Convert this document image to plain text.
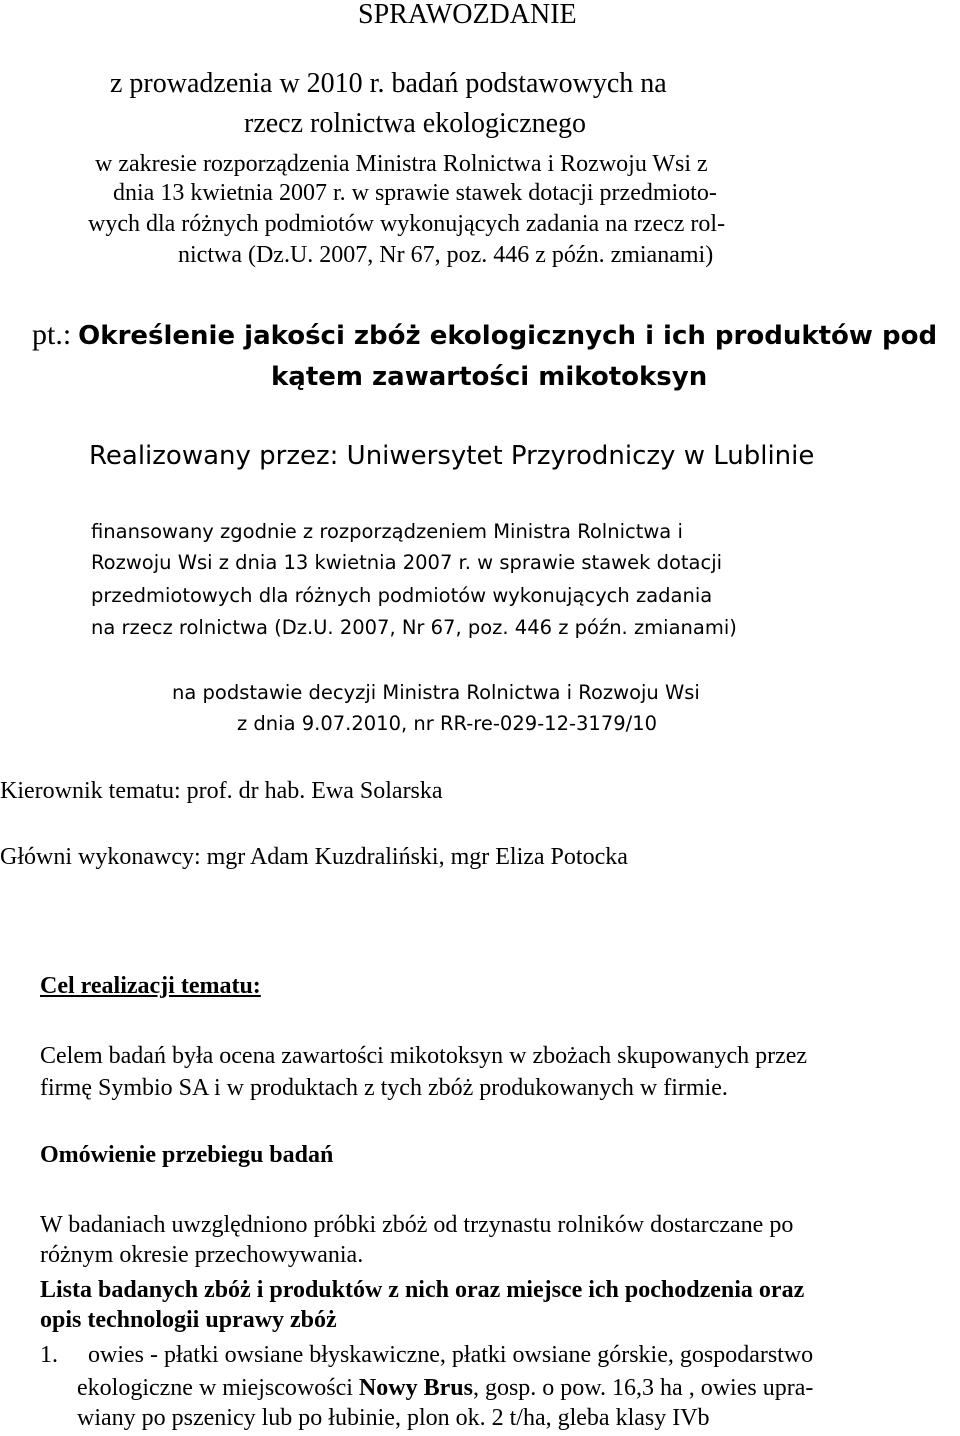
SPRAWOZDANIE
z prowadzenia w 2010 r. badań podstawowych na
rzecz rolnictwa ekologicznego
w zakresie rozporządzenia Ministra Rolnictwa i Rozwoju Wsi z
dnia 13 kwietnia 2007 r. w sprawie stawek dotacji przedmioto-
wych dla różnych podmiotów wykonujących zadania na rzecz rol-
nictwa (Dz.U. 2007, Nr 67, poz. 446 z późn. zmianami)
pt.: Określenie jakości zbóż ekologicznych i ich produktów pod
kątem zawartości mikotoksyn
Realizowany przez: Uniwersytet Przyrodniczy w Lublinie
finansowany zgodnie z rozporządzeniem Ministra Rolnictwa i
Rozwoju Wsi z dnia 13 kwietnia 2007 r. w sprawie stawek dotacji
przedmiotowych dla różnych podmiotów wykonujących zadania
na rzecz rolnictwa (Dz.U. 2007, Nr 67, poz. 446 z późn. zmianami)
na podstawie decyzji Ministra Rolnictwa i Rozwoju Wsi
z dnia 9.07.2010, nr RR-re-029-12-3179/10
Kierownik tematu: prof. dr hab. Ewa Solarska
Główni wykonawcy: mgr Adam Kuzdraliński, mgr Eliza Potocka
Cel realizacji tematu:
Celem badań była ocena zawartości mikotoksyn w zbożach skupowanych przez
firmę Symbio SA i w produktach z tych zbóż produkowanych w firmie.
Omówienie przebiegu badań
W badaniach uwzględniono próbki zbóż od trzynastu rolników dostarczane po
różnym okresie przechowywania.
Lista badanych zbóż i produktów z nich oraz miejsce ich pochodzenia oraz
opis technologii uprawy zbóż
1. owies - płatki owsiane błyskawiczne, płatki owsiane górskie, gospodarstwo
ekologiczne w miejscowości Nowy Brus, gosp. o pow. 16,3 ha , owies upra-
wiany po pszenicy lub po łubinie, plon ok. 2 t/ha, gleba klasy IVb
